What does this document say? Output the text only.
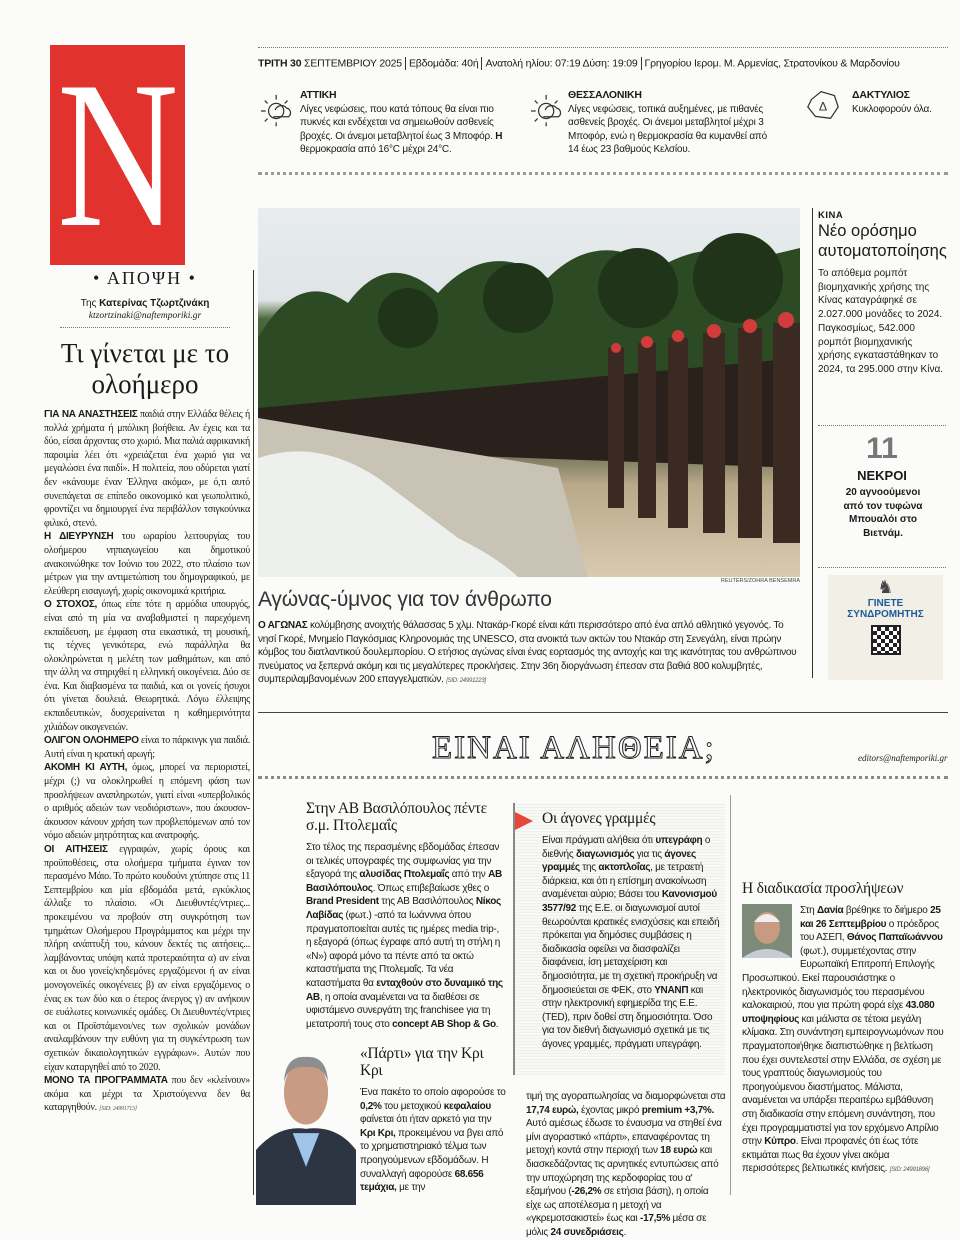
N
• ΑΠΟΨΗ •
Της Κατερίνας Τζωρτζινάκη
ktzortzinaki@naftemporiki.gr
Τι γίνεται με το ολοήμερο

ΓΙΑ ΝΑ ΑΝΑΣΤΗΣΕΙΣ παιδιά στην Ελλάδα θέλεις ή πολλά χρήματα ή μπόλικη βοήθεια. Αν έχεις και τα δύο, είσαι άρχοντας στο χωριό. Μια παλιά αφρικανική παροιμία λέει ότι «χρειάζεται ένα χωριό για να μεγαλώσει ένα παιδί». Η πολιτεία, που οδύρεται γιατί δεν «κάνουμε έναν Έλληνα ακόμα», με ό,τι αυτό συνεπάγεται σε επίπεδο οικονομικό και γεωπολιτικό, φροντίζει να δημιουργεί ένα περιβάλλον τσιγκούνικα φιλικό, στενό.

Η ΔΙΕΥΡΥΝΣΗ του ωραρίου λειτουργίας του ολοήμερου νηπιαγωγείου και δημοτικού ανακοινώθηκε τον Ιούνιο του 2022, στο πλαίσιο των μέτρων για την αντιμετώπιση του δημογραφικού, με ελεύθερη εισαγωγή, χωρίς οικονομικά κριτήρια.

Ο ΣΤΟΧΟΣ, όπως είπε τότε η αρμόδια υπουργός, είναι από τη μία να αναβαθμιστεί η παρεχόμενη εκπαίδευση, με έμφαση στα εικαστικά, τη μουσική, τις τέχνες γενικότερα, ενώ παράλληλα θα ολοκληρώνεται η μελέτη των μαθημάτων, και από την άλλη να στηριχθεί η ελληνική οικογένεια. Δύο σε ένα. Και διαβασμένα τα παιδιά, και οι γονείς ήσυχοι ότι γίνεται δουλειά. Θεωρητικά. Λόγω έλλειψης εκπαιδευτικών, δυσχεραίνεται η καθημερινότητα χιλιάδων οικογενειών.

ΟΛΙΓΟΝ ΟΛΟΗΜΕΡΟ είναι το πάρκινγκ για παιδιά. Αυτή είναι η κρατική αρωγή;

ΑΚΟΜΗ ΚΙ ΑΥΤΗ, όμως, μπορεί να περιοριστεί, μέχρι (;) να ολοκληρωθεί η επόμενη φάση των προσλήψεων αναπληρωτών, γιατί είναι «υπερβολικός ο αριθμός αδειών των νεοδιόριστων», που άκουσον-άκουσον κάνουν χρήση των προβλεπόμενων από τον νόμο αδειών μητρότητας και ανατροφής.

ΟΙ ΑΙΤΗΣΕΙΣ εγγραφών, χωρίς όρους και προϋποθέσεις, στα ολοήμερα τμήματα έγιναν τον περασμένο Μάιο. Το πρώτο κουδούνι χτύπησε στις 11 Σεπτεμβρίου και μία εβδομάδα μετά, εγκύκλιος άλλαξε το πλαίσιο. «Οι Διευθυντές/ντριες... προκειμένου να προβούν στη συγκρότηση των τμημάτων Ολοήμερου Προγράμματος και μέχρι την πλήρη ανάπτυξή του, κάνουν δεκτές τις αιτήσεις... λαμβάνοντας υπόψη κατά προτεραιότητα α) αν είναι και οι δυο γονείς/κηδεμόνες εργαζόμενοι ή αν είναι μονογονεϊκές οικογένειες β) αν είναι εργαζόμενος ο ένας εκ των δύο και ο έτερος άνεργος γ) αν ανήκουν σε ευάλωτες κοινωνικές ομάδες. Οι Διευθυντές/ντριες και οι Προϊστάμενοι/νες των σχολικών μονάδων αναλαμβάνουν την ευθύνη για τη συγκέντρωση των σχετικών δικαιολογητικών εγγράφων». Αυτών που είχαν καταργηθεί από το 2020.

ΜΟΝΟ ΤΑ ΠΡΟΓΡΑΜΜΑΤΑ που δεν «κλείνουν» ακόμα και μέχρι τα Χριστούγεννα δεν θα καταργηθούν. [SID: 24991713]

ΤΡΙΤΗ 30 ΣΕΠΤΕΜΒΡΙΟΥ 2025 Εβδομάδα: 40ή Ανατολή ηλίου: 07:19 Δύση: 19:09 Γρηγορίου Ιερομ. Μ. Αρμενίας, Στρατονίκου & Μαρδονίου
ΑΤΤΙΚΗ
Λίγες νεφώσεις, που κατά τόπους θα είναι πιο πυκνές και ενδέχεται να σημειωθούν ασθενείς βροχές. Οι άνεμοι μεταβλητοί έως 3 Μποφόρ. Η θερμοκρασία από 16°C μέχρι 24°C.
ΘΕΣΣΑΛΟΝΙΚΗ
Λίγες νεφώσεις, τοπικά αυξημένες, με πιθανές ασθενείς βροχές. Οι άνεμοι μεταβλητοί μέχρι 3 Μποφόρ, ενώ η θερμοκρασία θα κυμανθεί από 14 έως 23 βαθμούς Κελσίου.
Δ
ΔΑΚΤΥΛΙΟΣ
Κυκλοφορούν όλα.
REUTERS/ZOHRA BENSEMRA
Αγώνας-ύμνος για τον άνθρωπο
Ο ΑΓΩΝΑΣ κολύμβησης ανοιχτής θάλασσας 5 χλμ. Ντακάρ-Γκορέ είναι κάτι περισσότερο από ένα απλό αθλητικό γεγονός. Το νησί Γκορέ, Μνημείο Παγκόσμιας Κληρονομιάς της UNESCO, στα ανοικτά των ακτών του Ντακάρ στη Σενεγάλη, είναι πρώην κόμβος του διατλαντικού δουλεμπορίου. Ο ετήσιος αγώνας είναι ένας εορτασμός της αντοχής και της ικανότητας του ανθρώπινου πνεύματος να ξεπερνά ακόμη και τις μεγαλύτερες προκλήσεις. Στην 36η διοργάνωση έπεσαν στα βαθιά 800 κολυμβητές, συμπεριλαμβανομένων 200 επαγγελματιών. [SID: 24991223]
ΚΙΝΑ
Νέο ορόσημο αυτοματοποίησης
Το απόθεμα ρομπότ βιομηχανικής χρήσης της Κίνας καταγράφηκέ σε 2.027.000 μονάδες το 2024. Παγκοσμίως, 542.000 ρομπότ βιομηχανικής χρήσης εγκαταστάθηκαν το 2024, τα 295.000 στην Κίνα.
11
ΝΕΚΡΟΙ
20 αγνοούμενοι από τον τυφώνα Μπουαλόι στο Βιετνάμ.
♞
ΓΙΝΕΤΕ ΣΥΝΔΡΟΜΗΤΗΣ
ΕΙΝΑΙ ΑΛΗΘΕΙΑ;	editors@naftemporiki.gr
Στην ΑΒ Βασιλόπουλος πέντε σ.μ. Πτολεμαΐς
Στο τέλος της περασμένης εβδομάδας έπεσαν οι τελικές υπογραφές της συμφωνίας για την εξαγορά της αλυσίδας Πτολεμαΐς από την ΑΒ Βασιλόπουλος. Όπως επιβεβαίωσε χθες ο Brand President της ΑΒ Βασιλόπουλος Νίκος Λαβίδας (φωτ.) -από τα Ιωάννινα όπου πραγματοποιείται αυτές τις ημέρες media trip-, η εξαγορά (όπως έγραφε από αυτή τη στήλη η «Ν») αφορά μόνο τα πέντε από τα οκτώ καταστήματα της Πτολεμαΐς. Τα νέα καταστήματα θα ενταχθούν στο δυναμικό της ΑΒ, η οποία αναμένεται να τα διαθέσει σε υφιστάμενο συνεργάτη της franchisee για τη μετατροπή τους στο concept AB Shop & Go.
«Πάρτι» για την Κρι Κρι
Ένα πακέτο το οποίο αφορούσε το 0,2% του μετοχικού κεφαλαίου φαίνεται ότι ήταν αρκετό για την Κρι Κρι, προκειμένου να βγει από το χρηματιστηριακό τέλμα των προηγούμενων εβδομάδων. Η συναλλαγή αφορούσε 68.656 τεμάχια, με την
Οι άγονες γραμμές
Είναι πράγματι αλήθεια ότι υπεγράφη ο διεθνής διαγωνισμός για τις άγονες γραμμές της ακτοπλοΐας, με τετραετή διάρκεια, και ότι η επίσημη ανακοίνωση αναμένεται αύριο; Βάσει του Κανονισμού 3577/92 της Ε.Ε. οι διαγωνισμοί αυτοί θεωρούνται κρατικές ενισχύσεις και επειδή πρόκειται για δημόσιες συμβάσεις η διαδικασία οφείλει να διασφαλίζει διαφάνεια, ίση μεταχείριση και δημοσιότητα, με τη σχετική προκήρυξη να δημοσιεύεται σε ΦΕΚ, στο ΥΝΑΝΠ και στην ηλεκτρονική εφημερίδα της Ε.Ε. (TED), πριν δοθεί στη δημοσιότητα. Όσο για τον διεθνή διαγωνισμό σχετικά με τις άγονες γραμμές, πράγματι υπεγράφη.
τιμή της αγοραπωλησίας να διαμορφώνεται στα 17,74 ευρώ, έχοντας μικρό premium +3,7%. Αυτό αμέσως έδωσε το έναυσμα να στηθεί ένα μίνι αγοραστικό «πάρτι», επαναφέροντας τη μετοχή κοντά στην περιοχή των 18 ευρώ και διασκεδάζοντας τις αρνητικές εντυπώσεις από την υποχώρηση της κερδοφορίας του α' εξαμήνου (-26,2% σε ετήσια βάση), η οποία είχε ως αποτέλεσμα η μετοχή να «γκρεμοτσακιστεί» έως και -17,5% μέσα σε μόλις 24 συνεδριάσεις.
Η διαδικασία προσλήψεων
Στη Δανία βρέθηκε το διήμερο 25 και 26 Σεπτεμβρίου ο πρόεδρος του ΑΣΕΠ, Θάνος Παπαϊωάννου (φωτ.), συμμετέχοντας στην Ευρωπαϊκή Επιτροπή Επιλογής Προσωπικού. Εκεί παρουσιάστηκε ο ηλεκτρονικός διαγωνισμός του περασμένου καλοκαιριού, που για πρώτη φορά είχε 43.080 υποψηφίους και μάλιστα σε τέτοια μεγάλη κλίμακα. Στη συνάντηση εμπειρογνωμόνων που πραγματοποιήθηκε διαπιστώθηκε η βελτίωση που έχει συντελεστεί στην Ελλάδα, σε σχέση με τους γραπτούς διαγωνισμούς του προηγούμενου διαστήματος. Μάλιστα, αναμένεται να υπάρξει περαιτέρω εμβάθυνση στη διαδικασία στην επόμενη συνάντηση, που έχει προγραμματιστεί για τον ερχόμενο Απρίλιο στην Κύπρο. Είναι προφανές ότι έως τότε εκτιμάται πως θα έχουν γίνει ακόμα περισσότερες βελτιωτικές κινήσεις. [SID: 24991896]
